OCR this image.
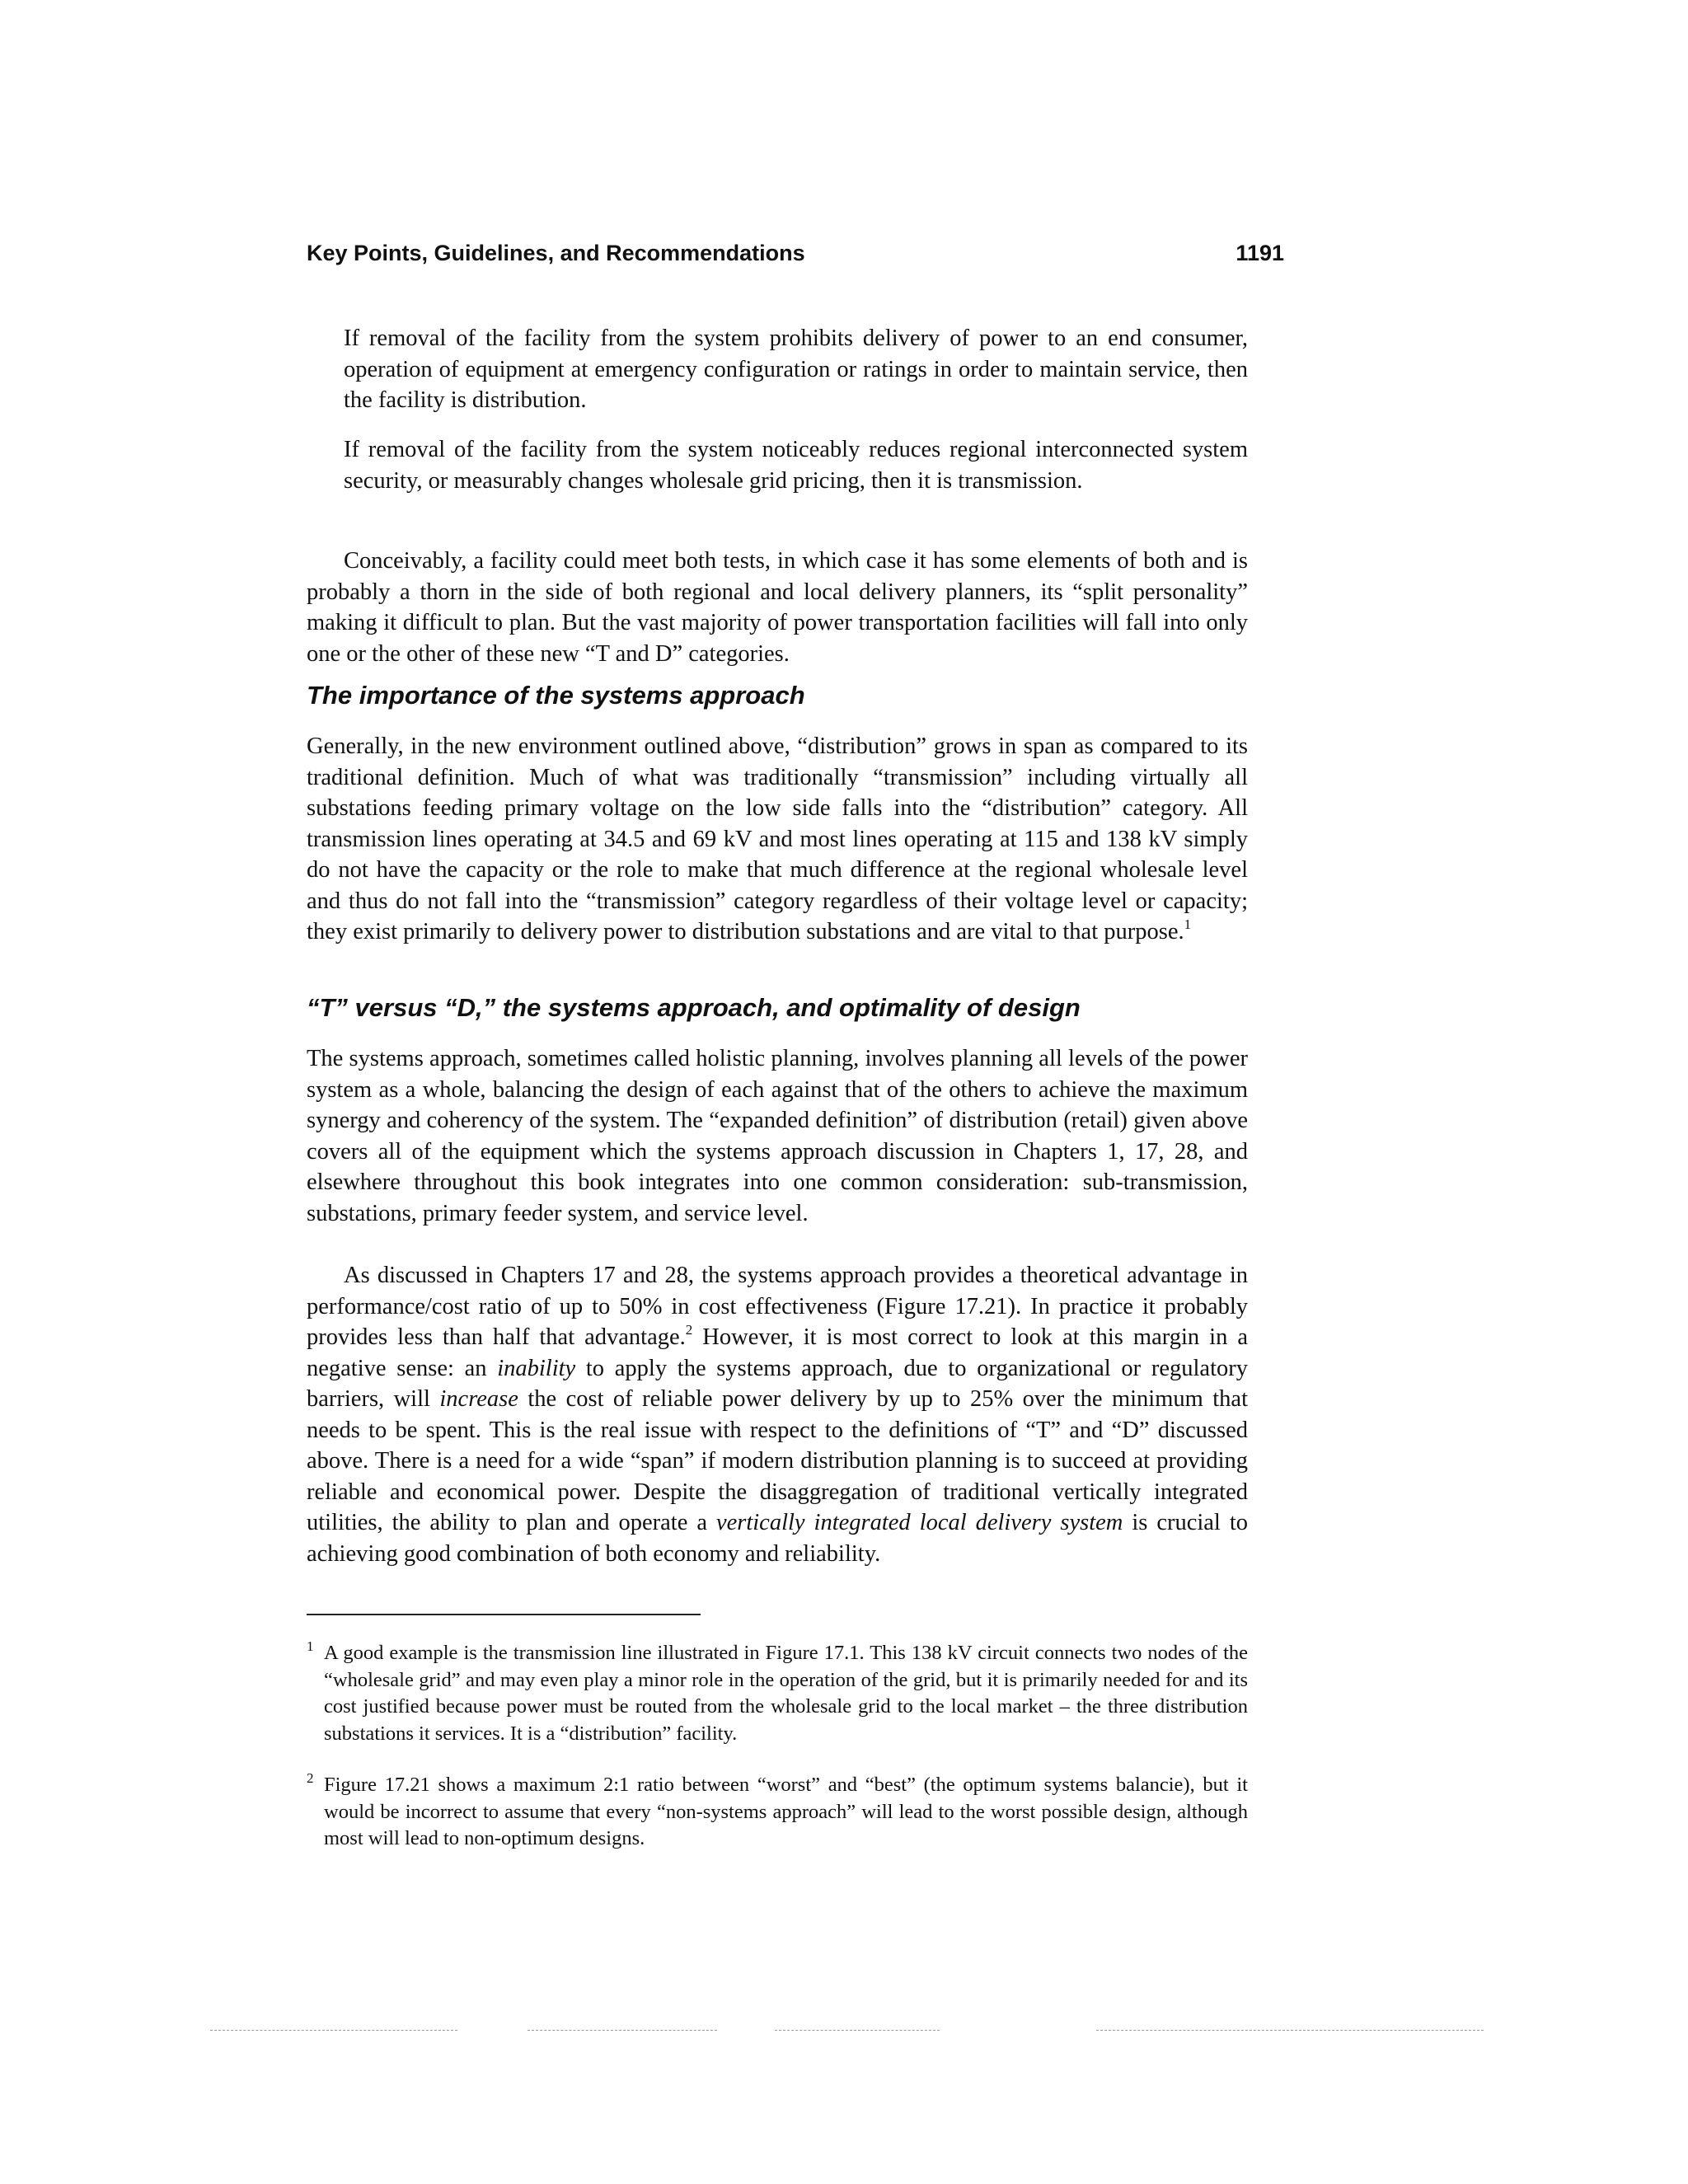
Key Points, Guidelines, and Recommendations	1191

If removal of the facility from the system prohibits delivery of power to an end consumer, operation of equipment at emergency configuration or ratings in order to maintain service, then the facility is distribution.

If removal of the facility from the system noticeably reduces regional interconnected system security, or measurably changes wholesale grid pricing, then it is transmission.

Conceivably, a facility could meet both tests, in which case it has some elements of both and is probably a thorn in the side of both regional and local delivery planners, its “split personality” making it difficult to plan. But the vast majority of power transportation facilities will fall into only one or the other of these new “T and D” categories.

The importance of the systems approach

Generally, in the new environment outlined above, “distribution” grows in span as compared to its traditional definition. Much of what was traditionally “transmission” including virtually all substations feeding primary voltage on the low side falls into the “distribution” category. All transmission lines operating at 34.5 and 69 kV and most lines operating at 115 and 138 kV simply do not have the capacity or the role to make that much difference at the regional wholesale level and thus do not fall into the “transmission” category regardless of their voltage level or capacity; they exist primarily to delivery power to distribution substations and are vital to that purpose.$^1$

“T” versus “D,” the systems approach, and optimality of design

The systems approach, sometimes called holistic planning, involves planning all levels of the power system as a whole, balancing the design of each against that of the others to achieve the maximum synergy and coherency of the system. The “expanded definition” of distribution (retail) given above covers all of the equipment which the systems approach discussion in Chapters 1, 17, 28, and elsewhere throughout this book integrates into one common consideration: sub-transmission, substations, primary feeder system, and service level.

As discussed in Chapters 17 and 28, the systems approach provides a theoretical advantage in performance/cost ratio of up to 50% in cost effectiveness (Figure 17.21). In practice it probably provides less than half that advantage.$^2$ However, it is most correct to look at this margin in a negative sense: an inability to apply the systems approach, due to organizational or regulatory barriers, will increase the cost of reliable power delivery by up to 25% over the minimum that needs to be spent. This is the real issue with respect to the definitions of “T” and “D” discussed above. There is a need for a wide “span” if modern distribution planning is to succeed at providing reliable and economical power. Despite the disaggregation of traditional vertically integrated utilities, the ability to plan and operate a vertically integrated local delivery system is crucial to achieving good combination of both economy and reliability.

1 A good example is the transmission line illustrated in Figure 17.1. This 138 kV circuit connects two nodes of the “wholesale grid” and may even play a minor role in the operation of the grid, but it is primarily needed for and its cost justified because power must be routed from the wholesale grid to the local market – the three distribution substations it services. It is a “distribution” facility.
2 Figure 17.21 shows a maximum 2:1 ratio between “worst” and “best” (the optimum systems balancie), but it would be incorrect to assume that every “non-systems approach” will lead to the worst possible design, although most will lead to non-optimum designs.
